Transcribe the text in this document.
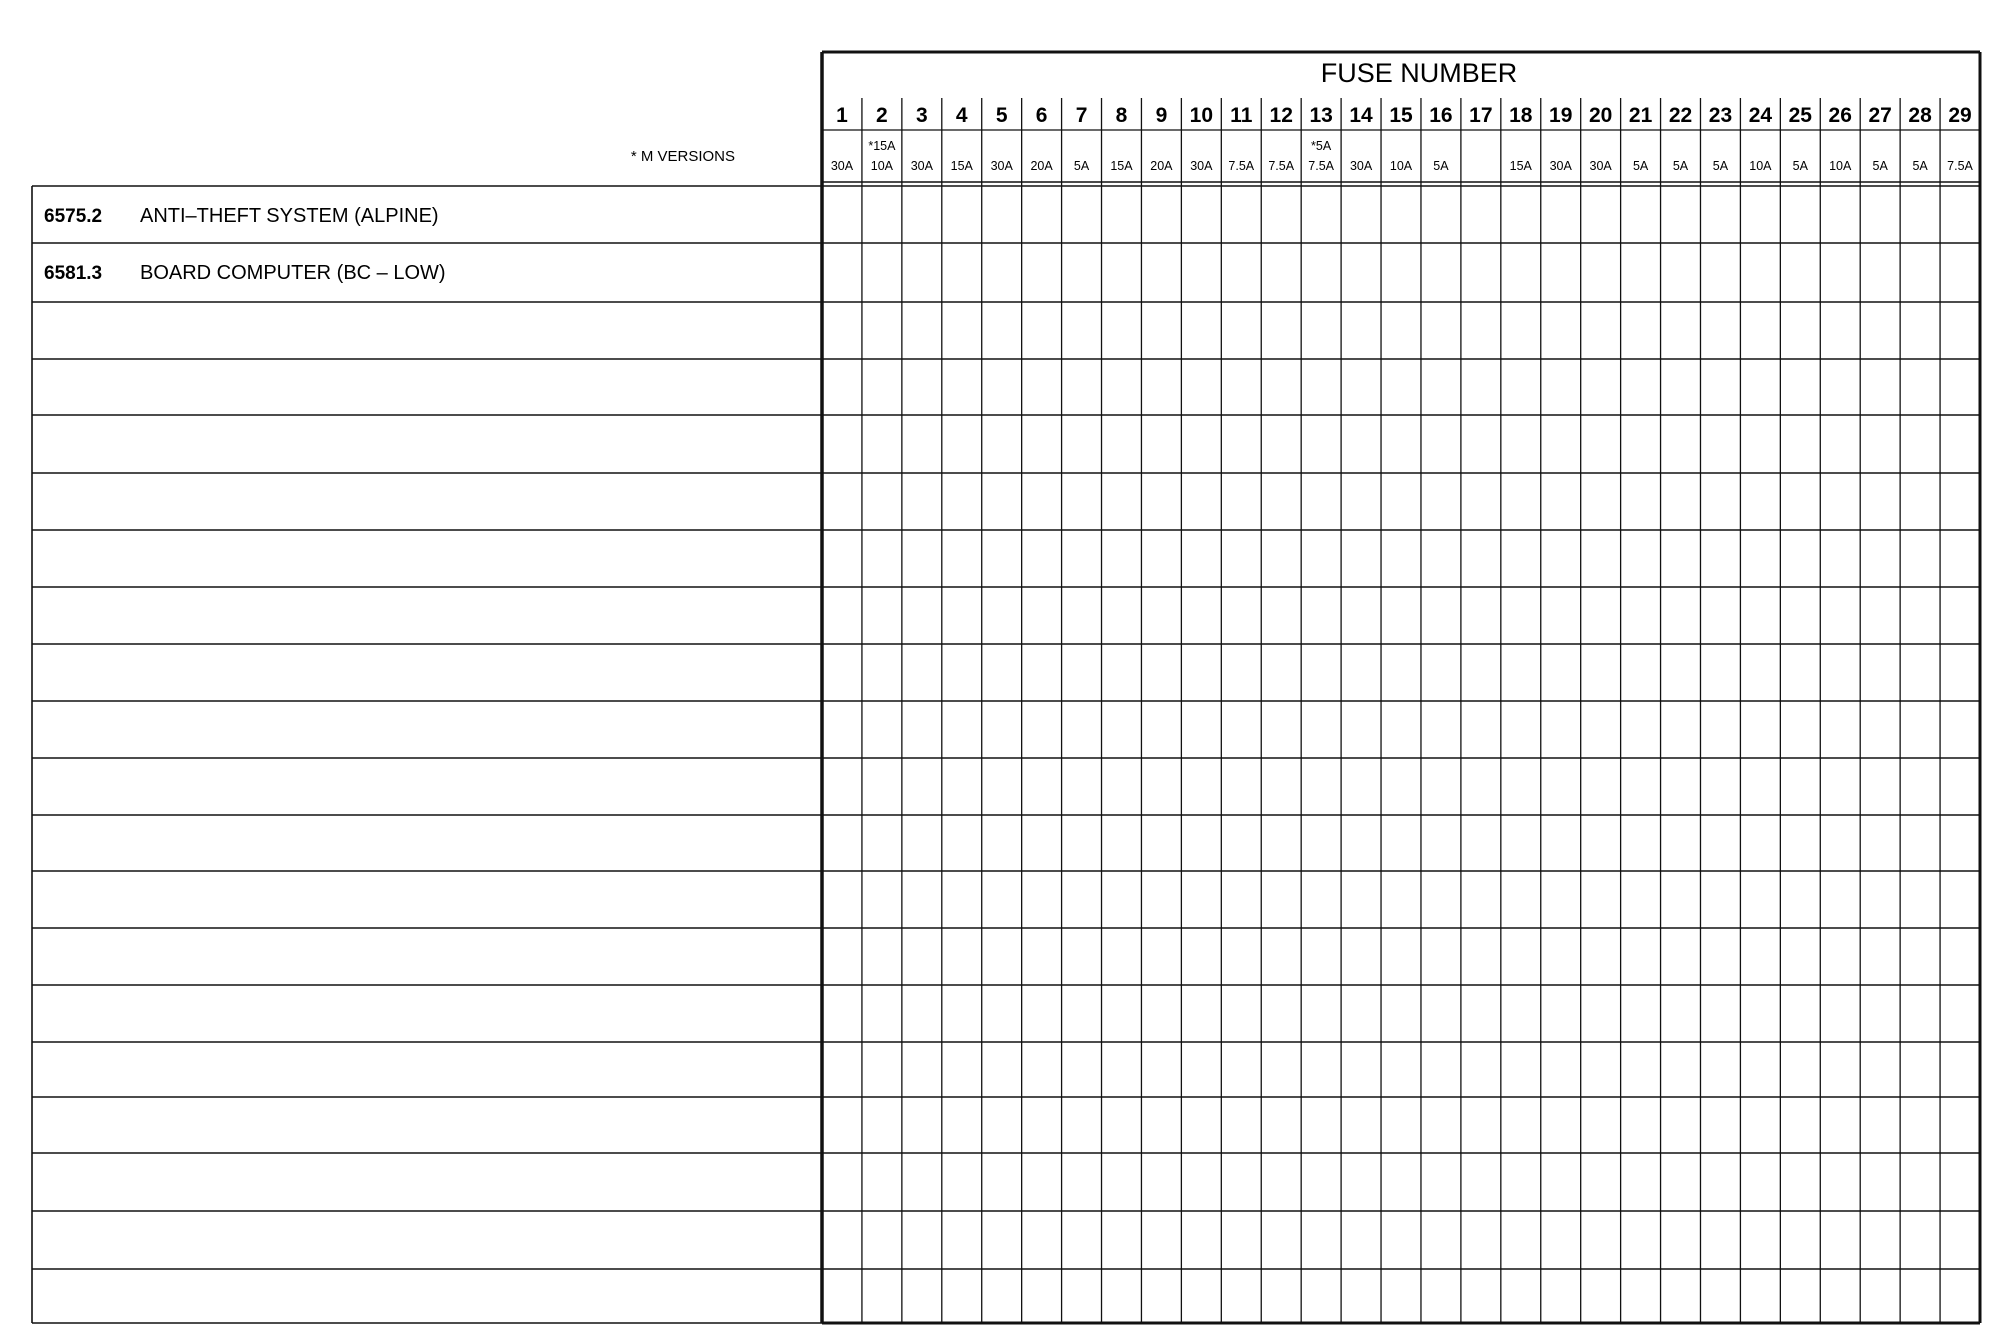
FUSE NUMBER
* M VERSIONS
1
30A
2
*15A
10A
3
30A
4
15A
5
30A
6
20A
7
5A
8
15A
9
20A
10
30A
11
7.5A
12
7.5A
13
*5A
7.5A
14
30A
15
10A
16
5A
17 18
15A
19
30A
20
30A
21
5A
22
5A
23
5A
24
10A
25
5A
26
10A
27
5A
28
5A
29
7.5A
6575.2 ANTI–THEFT SYSTEM (ALPINE)
6581.3 BOARD COMPUTER (BC – LOW)
